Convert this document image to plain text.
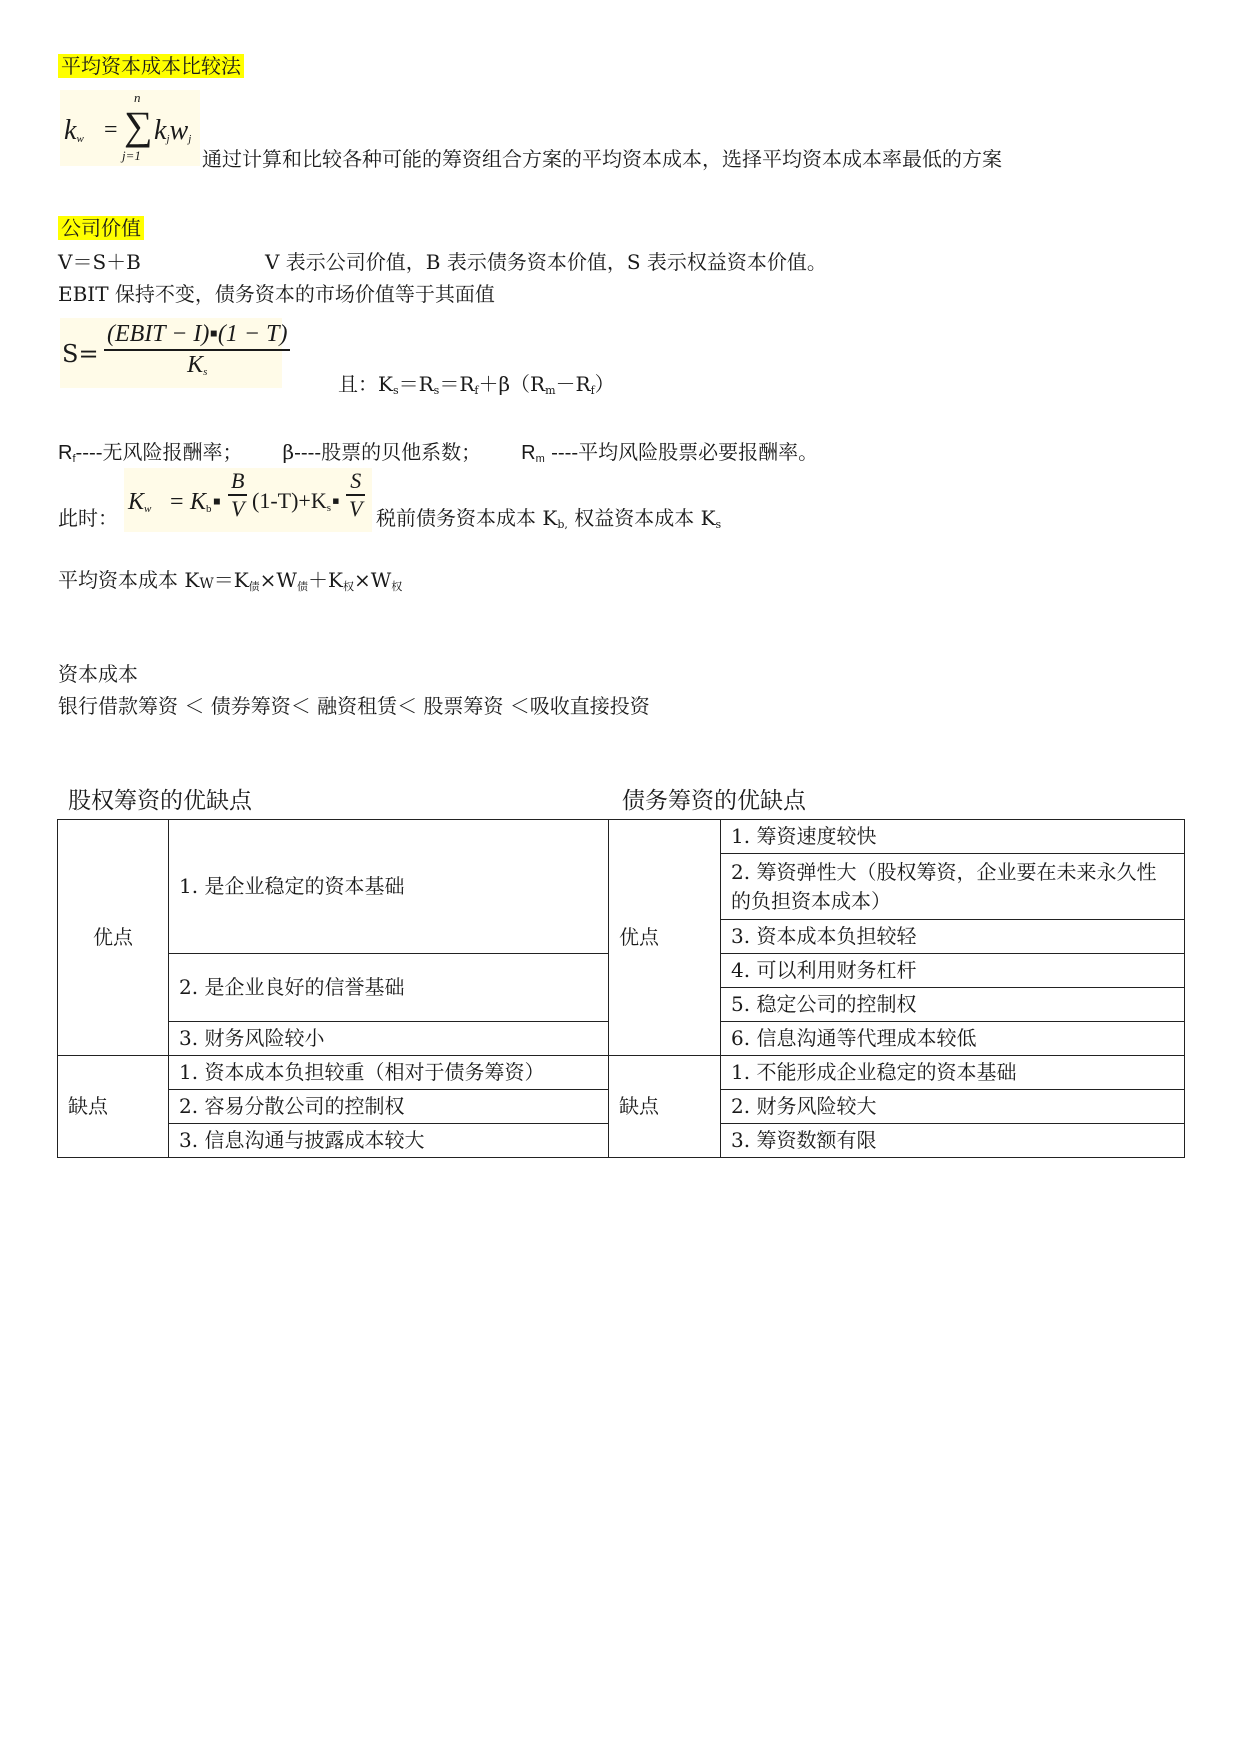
平均资本成本比较法
$k_w$ =
n
∑
j=1
$k_jw_j$
通过计算和比较各种可能的筹资组合方案的平均资本成本，选择平均资本成本率最低的方案
公司价值
V＝S＋B	V 表示公司价值，B 表示债务资本价值，S 表示权益资本价值。
EBIT 保持不变，债务资本的市场价值等于其面值
S=
(EBIT − I)▪(1 − T)
$K_s$
且：$K_s=R_s=R_f+\beta(R_m-R_f)$
$R_f----$无风险报酬率； β----股票的贝他系数； $R_m$ ----平均风险股票必要报酬率。
此时：
$K_w$ = $K_b▪ \frac{B}{V}$ $(1-T)+K_s▪ \frac{S}{V}$ 税前债务资本成本 $K_{b,}$ 权益资本成本 $K_s$
平均资本成本 $K_W=K_债\times W_债+K_权\times W_权$
资本成本
银行借款筹资 ＜ 债券筹资＜ 融资租赁＜ 股票筹资 ＜吸收直接投资
股权筹资的优缺点	债务筹资的优缺点
优点	1. 是企业稳定的资本基础	优点	1. 筹资速度较快
			2. 筹资弹性大（股权筹资，企业要在未来永久性的负担资本成本）
			3. 资本成本负担较轻
	2. 是企业良好的信誉基础		4. 可以利用财务杠杆
			5. 稳定公司的控制权
	3. 财务风险较小		6. 信息沟通等代理成本较低
缺点	1. 资本成本负担较重（相对于债务筹资）	缺点	1. 不能形成企业稳定的资本基础
	2. 容易分散公司的控制权		2. 财务风险较大
	3. 信息沟通与披露成本较大		3. 筹资数额有限
